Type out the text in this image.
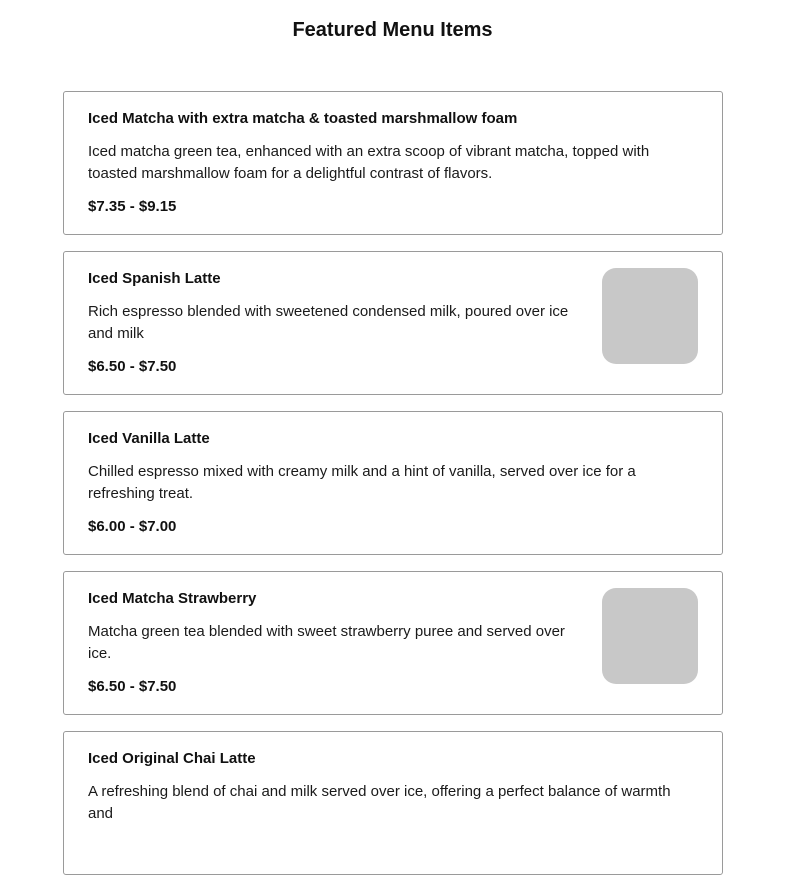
Featured Menu Items
Iced Matcha with extra matcha & toasted marshmallow foam
Iced matcha green tea, enhanced with an extra scoop of vibrant matcha, topped with toasted marshmallow foam for a delightful contrast of flavors.
$7.35 - $9.15
Iced Spanish Latte
Rich espresso blended with sweetened condensed milk, poured over ice and milk
$6.50 - $7.50
Iced Vanilla Latte
Chilled espresso mixed with creamy milk and a hint of vanilla, served over ice for a refreshing treat.
$6.00 - $7.00
Iced Matcha Strawberry
Matcha green tea blended with sweet strawberry puree and served over ice.
$6.50 - $7.50
Iced Original Chai Latte
A refreshing blend of chai and milk served over ice, offering a perfect balance of warmth and
